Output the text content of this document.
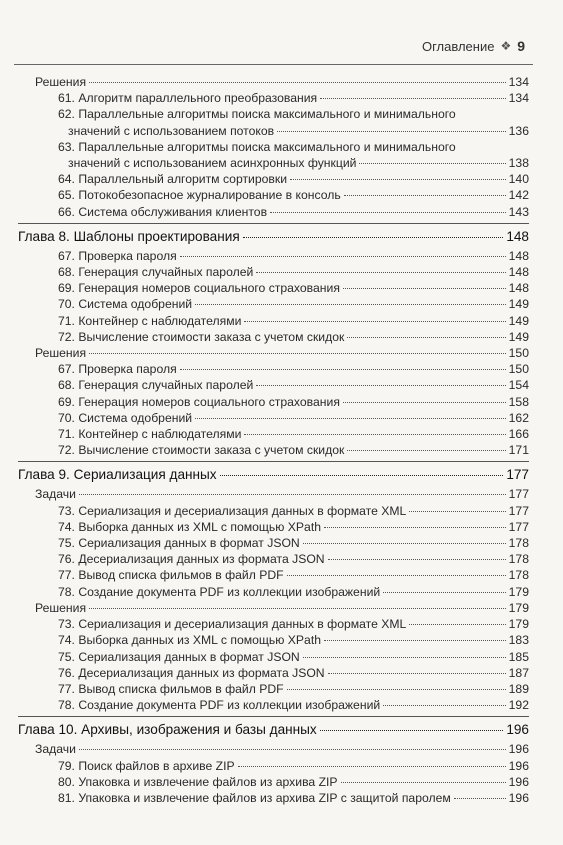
Оглавление ❖ 9
Решения	134
61. Алгоритм параллельного преобразования	134
62. Параллельные алгоритмы поиска максимального и минимального
значений с использованием потоков	136
63. Параллельные алгоритмы поиска максимального и минимального
значений с использованием асинхронных функций	138
64. Параллельный алгоритм сортировки	140
65. Потокобезопасное журналирование в консоль	142
66. Система обслуживания клиентов	143
Глава 8. Шаблоны проектирования	148
67. Проверка пароля	148
68. Генерация случайных паролей	148
69. Генерация номеров социального страхования	148
70. Система одобрений	149
71. Контейнер с наблюдателями	149
72. Вычисление стоимости заказа с учетом скидок	149
Решения	150
67. Проверка пароля	150
68. Генерация случайных паролей	154
69. Генерация номеров социального страхования	158
70. Система одобрений	162
71. Контейнер с наблюдателями	166
72. Вычисление стоимости заказа с учетом скидок	171
Глава 9. Сериализация данных	177
Задачи	177
73. Сериализация и десериализация данных в формате XML	177
74. Выборка данных из XML с помощью XPath	177
75. Сериализация данных в формат JSON	178
76. Десериализация данных из формата JSON	178
77. Вывод списка фильмов в файл PDF	178
78. Создание документа PDF из коллекции изображений	179
Решения	179
73. Сериализация и десериализация данных в формате XML	179
74. Выборка данных из XML с помощью XPath	183
75. Сериализация данных в формат JSON	185
76. Десериализация данных из формата JSON	187
77. Вывод списка фильмов в файл PDF	189
78. Создание документа PDF из коллекции изображений	192
Глава 10. Архивы, изображения и базы данных	196
Задачи	196
79. Поиск файлов в архиве ZIP	196
80. Упаковка и извлечение файлов из архива ZIP	196
81. Упаковка и извлечение файлов из архива ZIP с защитой паролем	196
